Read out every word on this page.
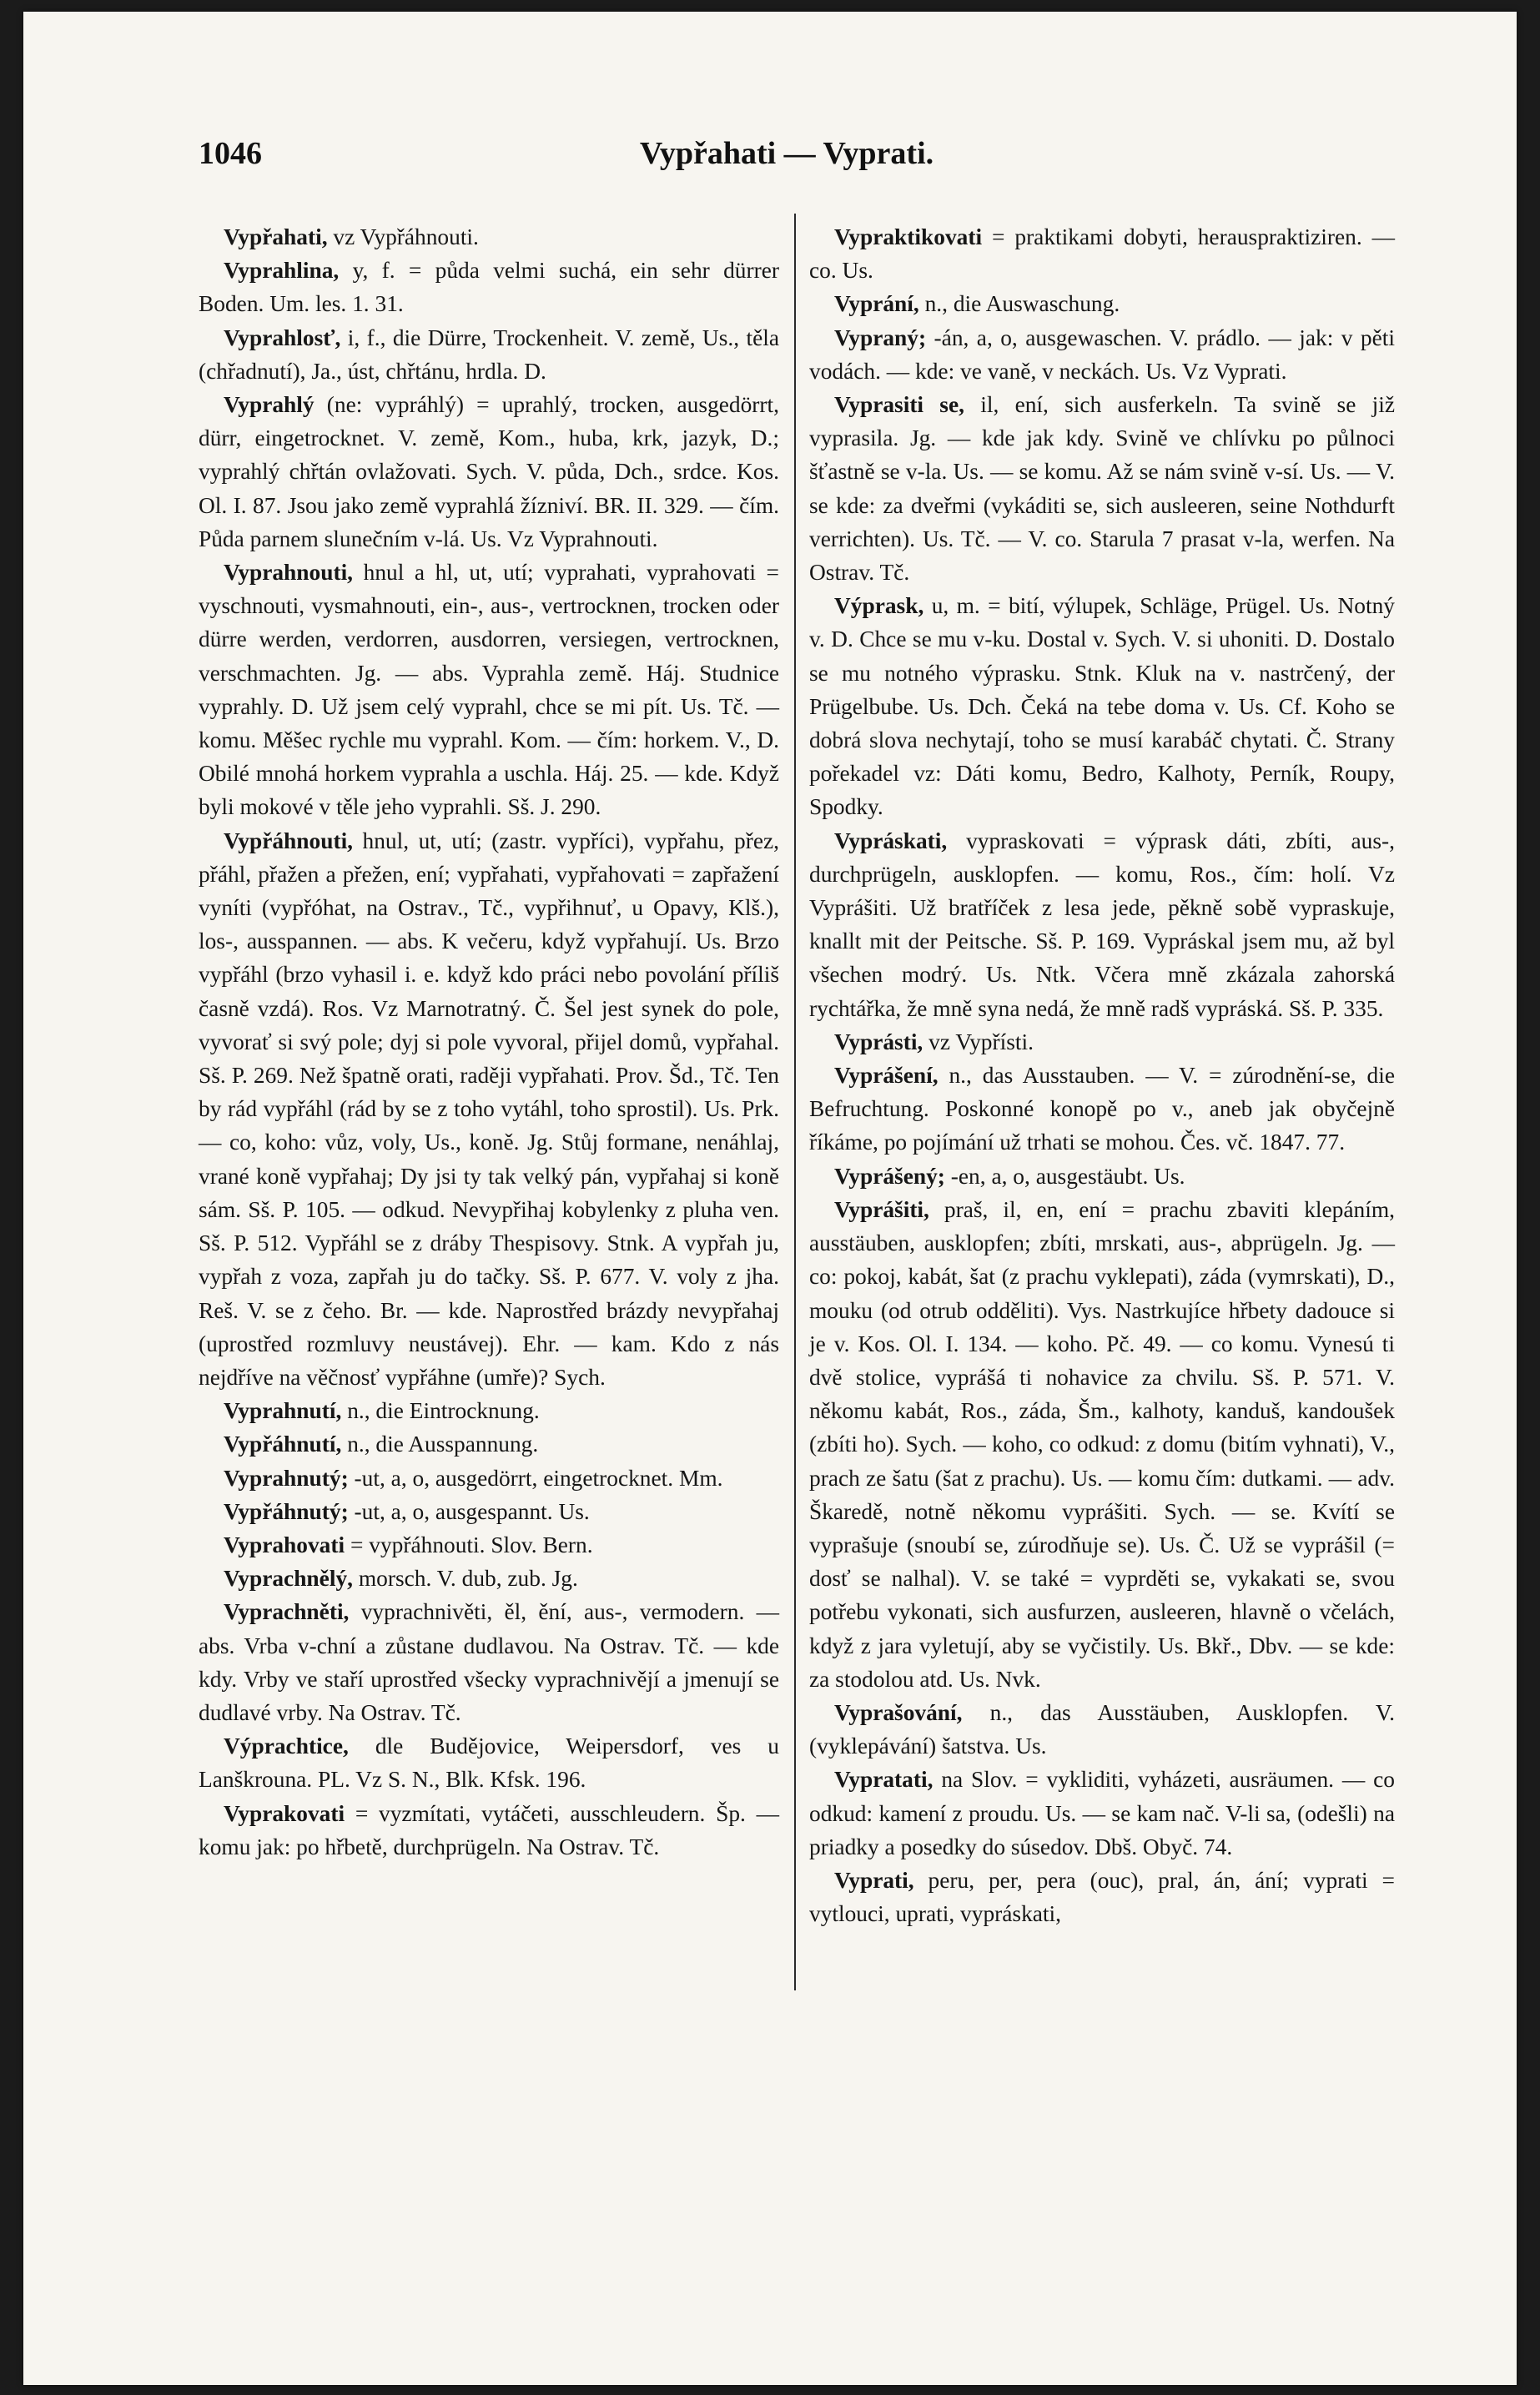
1046	Vypřahati — Vyprati.

Vypřahati, vz Vypřáhnouti.

Vyprahlina, y, f. = půda velmi suchá, ein sehr dürrer Boden. Um. les. 1. 31.

Vyprahlosť, i, f., die Dürre, Trockenheit. V. země, Us., těla (chřadnutí), Ja., úst, chřtánu, hrdla. D.

Vyprahlý (ne: vypráhlý) = uprahlý, trocken, ausgedörrt, dürr, eingetrocknet. V. země, Kom., huba, krk, jazyk, D.; vyprahlý chřtán ovlažovati. Sych. V. půda, Dch., srdce. Kos. Ol. I. 87. Jsou jako země vyprahlá žízniví. BR. II. 329. — čím. Půda parnem slunečním v-lá. Us. Vz Vyprahnouti.

Vyprahnouti, hnul a hl, ut, utí; vyprahati, vyprahovati = vyschnouti, vysmahnouti, ein-, aus-, vertrocknen, trocken oder dürre werden, verdorren, ausdorren, versiegen, vertrocknen, verschmachten. Jg. — abs. Vyprahla země. Háj. Studnice vyprahly. D. Už jsem celý vyprahl, chce se mi pít. Us. Tč. — komu. Měšec rychle mu vyprahl. Kom. — čím: horkem. V., D. Obilé mnohá horkem vyprahla a uschla. Háj. 25. — kde. Když byli mokové v těle jeho vyprahli. Sš. J. 290.

Vypřáhnouti, hnul, ut, utí; (zastr. vypříci), vypřahu, přez, přáhl, přažen a přežen, ení; vypřahati, vypřahovati = zapřažení vyníti (vypřóhat, na Ostrav., Tč., vypřihnuť, u Opavy, Klš.), los-, ausspannen. — abs. K večeru, když vypřahují. Us. Brzo vypřáhl (brzo vyhasil i. e. když kdo práci nebo povolání příliš časně vzdá). Ros. Vz Marnotratný. Č. Šel jest synek do pole, vyvorať si svý pole; dyj si pole vyvoral, přijel domů, vypřahal. Sš. P. 269. Než špatně orati, raději vypřahati. Prov. Šd., Tč. Ten by rád vypřáhl (rád by se z toho vytáhl, toho sprostil). Us. Prk. — co, koho: vůz, voly, Us., koně. Jg. Stůj formane, nenáhlaj, vrané koně vypřahaj; Dy jsi ty tak velký pán, vypřahaj si koně sám. Sš. P. 105. — odkud. Nevypřihaj kobylenky z pluha ven. Sš. P. 512. Vypřáhl se z dráby Thespisovy. Stnk. A vypřah ju, vypřah z voza, zapřah ju do tačky. Sš. P. 677. V. voly z jha. Reš. V. se z čeho. Br. — kde. Naprostřed brázdy nevypřahaj (uprostřed rozmluvy neustávej). Ehr. — kam. Kdo z nás nejdříve na věčnosť vypřáhne (umře)? Sych.

Vyprahnutí, n., die Eintrocknung.

Vypřáhnutí, n., die Ausspannung.

Vyprahnutý; -ut, a, o, ausgedörrt, eingetrocknet. Mm.

Vypřáhnutý; -ut, a, o, ausgespannt. Us.

Vyprahovati = vypřáhnouti. Slov. Bern.

Vyprachnělý, morsch. V. dub, zub. Jg.

Vyprachněti, vyprachnivěti, ěl, ění, aus-, vermodern. — abs. Vrba v-chní a zůstane dudlavou. Na Ostrav. Tč. — kde kdy. Vrby ve staří uprostřed všecky vyprachnivějí a jmenují se dudlavé vrby. Na Ostrav. Tč.

Výprachtice, dle Budějovice, Weipersdorf, ves u Lanškrouna. PL. Vz S. N., Blk. Kfsk. 196.

Vyprakovati = vyzmítati, vytáčeti, ausschleudern. Šp. — komu jak: po hřbetě, durchprügeln. Na Ostrav. Tč.

Vypraktikovati = praktikami dobyti, herauspraktiziren. — co. Us.

Vyprání, n., die Auswaschung.

Vypraný; -án, a, o, ausgewaschen. V. prádlo. — jak: v pěti vodách. — kde: ve vaně, v neckách. Us. Vz Vyprati.

Vyprasiti se, il, ení, sich ausferkeln. Ta svině se již vyprasila. Jg. — kde jak kdy. Svině ve chlívku po půlnoci šťastně se v-la. Us. — se komu. Až se nám svině v-sí. Us. — V. se kde: za dveřmi (vykáditi se, sich ausleeren, seine Nothdurft verrichten). Us. Tč. — V. co. Starula 7 prasat v-la, werfen. Na Ostrav. Tč.

Výprask, u, m. = bití, výlupek, Schläge, Prügel. Us. Notný v. D. Chce se mu v-ku. Dostal v. Sych. V. si uhoniti. D. Dostalo se mu notného výprasku. Stnk. Kluk na v. nastrčený, der Prügelbube. Us. Dch. Čeká na tebe doma v. Us. Cf. Koho se dobrá slova nechytají, toho se musí karabáč chytati. Č. Strany pořekadel vz: Dáti komu, Bedro, Kalhoty, Perník, Roupy, Spodky.

Vypráskati, vypraskovati = výprask dáti, zbíti, aus-, durchprügeln, ausklopfen. — komu, Ros., čím: holí. Vz Vyprášiti. Už bratříček z lesa jede, pěkně sobě vypraskuje, knallt mit der Peitsche. Sš. P. 169. Vypráskal jsem mu, až byl všechen modrý. Us. Ntk. Včera mně zkázala zahorská rychtářka, že mně syna nedá, že mně radš vypráská. Sš. P. 335.

Vyprásti, vz Vypřísti.

Vyprášení, n., das Ausstauben. — V. = zúrodnění-se, die Befruchtung. Poskonné konopě po v., aneb jak obyčejně říkáme, po pojímání už trhati se mohou. Čes. vč. 1847. 77.

Vyprášený; -en, a, o, ausgestäubt. Us.

Vyprášiti, praš, il, en, ení = prachu zbaviti klepáním, ausstäuben, ausklopfen; zbíti, mrskati, aus-, abprügeln. Jg. — co: pokoj, kabát, šat (z prachu vyklepati), záda (vymrskati), D., mouku (od otrub odděliti). Vys. Nastrkujíce hřbety dadouce si je v. Kos. Ol. I. 134. — koho. Pč. 49. — co komu. Vynesú ti dvě stolice, vyprášá ti nohavice za chvilu. Sš. P. 571. V. někomu kabát, Ros., záda, Šm., kalhoty, kanduš, kandoušek (zbíti ho). Sych. — koho, co odkud: z domu (bitím vyhnati), V., prach ze šatu (šat z prachu). Us. — komu čím: dutkami. — adv. Škaredě, notně někomu vyprášiti. Sych. — se. Kvítí se vyprašuje (snoubí se, zúrodňuje se). Us. Č. Už se vyprášil (= dosť se nalhal). V. se také = vyprděti se, vykakati se, svou potřebu vykonati, sich ausfurzen, ausleeren, hlavně o včelách, když z jara vyletují, aby se vyčistily. Us. Bkř., Dbv. — se kde: za stodolou atd. Us. Nvk.

Vyprašování, n., das Ausstäuben, Ausklopfen. V. (vyklepávání) šatstva. Us.

Vypratati, na Slov. = vykliditi, vyházeti, ausräumen. — co odkud: kamení z proudu. Us. — se kam nač. V-li sa, (odešli) na priadky a posedky do súsedov. Dbš. Obyč. 74.

Vyprati, peru, per, pera (ouc), pral, án, ání; vyprati = vytlouci, uprati, vypráskati,
